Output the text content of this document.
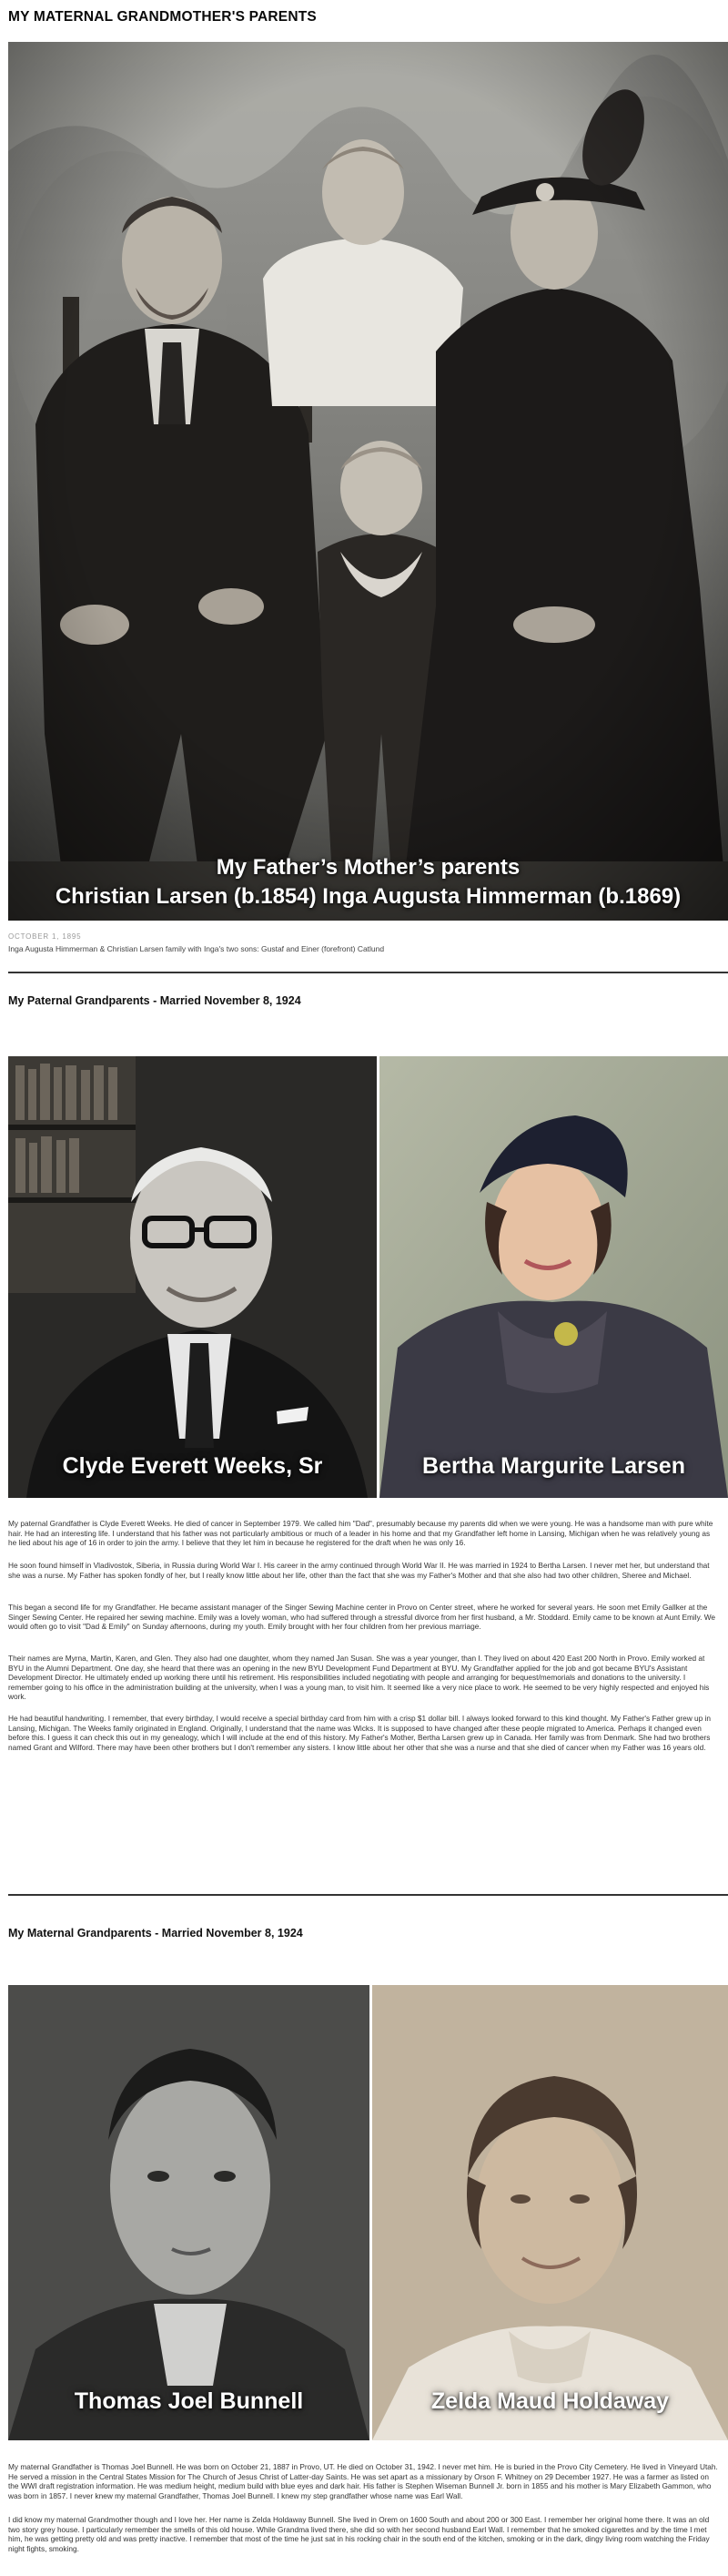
MY MATERNAL GRANDMOTHER'S PARENTS
My Father’s Mother’s parents
Christian Larsen (b.1854) Inga Augusta Himmerman (b.1869)
OCTOBER 1, 1895
Inga Augusta Himmerman & Christian Larsen family with Inga's two sons: Gustaf and Einer (forefront) Catlund
My Paternal Grandparents - Married November 8, 1924
Clyde Everett Weeks, Sr	Bertha Margurite Larsen

My paternal Grandfather is Clyde Everett Weeks. He died of cancer in September 1979. We called him "Dad", presumably because my parents did when we were young. He was a handsome man with pure white hair. He had an interesting life. I understand that his father was not particularly ambitious or much of a leader in his home and that my Grandfather left home in Lansing, Michigan when he was relatively young as he lied about his age of 16 in order to join the army. I believe that they let him in because he registered for the draft when he was only 16.

He soon found himself in Vladivostok, Siberia, in Russia during World War I. His career in the army continued through World War II. He was married in 1924 to Bertha Larsen. I never met her, but understand that she was a nurse. My Father has spoken fondly of her, but I really know little about her life, other than the fact that she was my Father's Mother and that she also had two other children, Sheree and Michael.

This began a second life for my Grandfather. He became assistant manager of the Singer Sewing Machine center in Provo on Center street, where he worked for several years. He soon met Emily Gallker at the Singer Sewing Center. He repaired her sewing machine. Emily was a lovely woman, who had suffered through a stressful divorce from her first husband, a Mr. Stoddard. Emily came to be known at Aunt Emily. We would often go to visit "Dad & Emily" on Sunday afternoons, during my youth. Emily brought with her four children from her previous marriage.

Their names are Myrna, Martin, Karen, and Glen. They also had one daughter, whom they named Jan Susan. She was a year younger, than I. They lived on about 420 East 200 North in Provo. Emily worked at BYU in the Alumni Department. One day, she heard that there was an opening in the new BYU Development Fund Department at BYU. My Grandfather applied for the job and got became BYU's Assistant Development Director. He ultimately ended up working there until his retirement. His responsibilities included negotiating with people and arranging for bequest/memorials and donations to the university. I remember going to his office in the administration building at the university, when I was a young man, to visit him. It seemed like a very nice place to work. He seemed to be very highly respected and enjoyed his work.

He had beautiful handwriting. I remember, that every birthday, I would receive a special birthday card from him with a crisp $1 dollar bill. I always looked forward to this kind thought. My Father's Father grew up in Lansing, Michigan. The Weeks family originated in England. Originally, I understand that the name was Wicks. It is supposed to have changed after these people migrated to America. Perhaps it changed even before this. I guess it can check this out in my genealogy, which I will include at the end of this history. My Father's Mother, Bertha Larsen grew up in Canada. Her family was from Denmark. She had two brothers named Grant and Wilford. There may have been other brothers but I don't remember any sisters. I know little about her other that she was a nurse and that she died of cancer when my Father was 16 years old.

My Maternal Grandparents - Married November 8, 1924
Thomas Joel Bunnell	Zelda Maud Holdaway

My maternal Grandfather is Thomas Joel Bunnell. He was born on October 21, 1887 in Provo, UT. He died on October 31, 1942. I never met him. He is buried in the Provo City Cemetery. He lived in Vineyard Utah. He served a mission in the Central States Mission for The Church of Jesus Christ of Latter-day Saints. He was set apart as a missionary by Orson F. Whitney on 29 December 1927. He was a farmer as listed on the WWI draft registration information. He was medium height, medium build with blue eyes and dark hair. His father is Stephen Wiseman Bunnell Jr. born in 1855 and his mother is Mary Elizabeth Gammon, who was born in 1857. I never knew my maternal Grandfather, Thomas Joel Bunnell. I knew my step grandfather whose name was Earl Wall.

I did know my maternal Grandmother though and I love her. Her name is Zelda Holdaway Bunnell. She lived in Orem on 1600 South and about 200 or 300 East. I remember her original home there. It was an old two story grey house. I particularly remember the smells of this old house. While Grandma lived there, she did so with her second husband Earl Wall. I remember that he smoked cigarettes and by the time I met him, he was getting pretty old and was pretty inactive. I remember that most of the time he just sat in his rocking chair in the south end of the kitchen, smoking or in the dark, dingy living room watching the Friday night fights, smoking.
